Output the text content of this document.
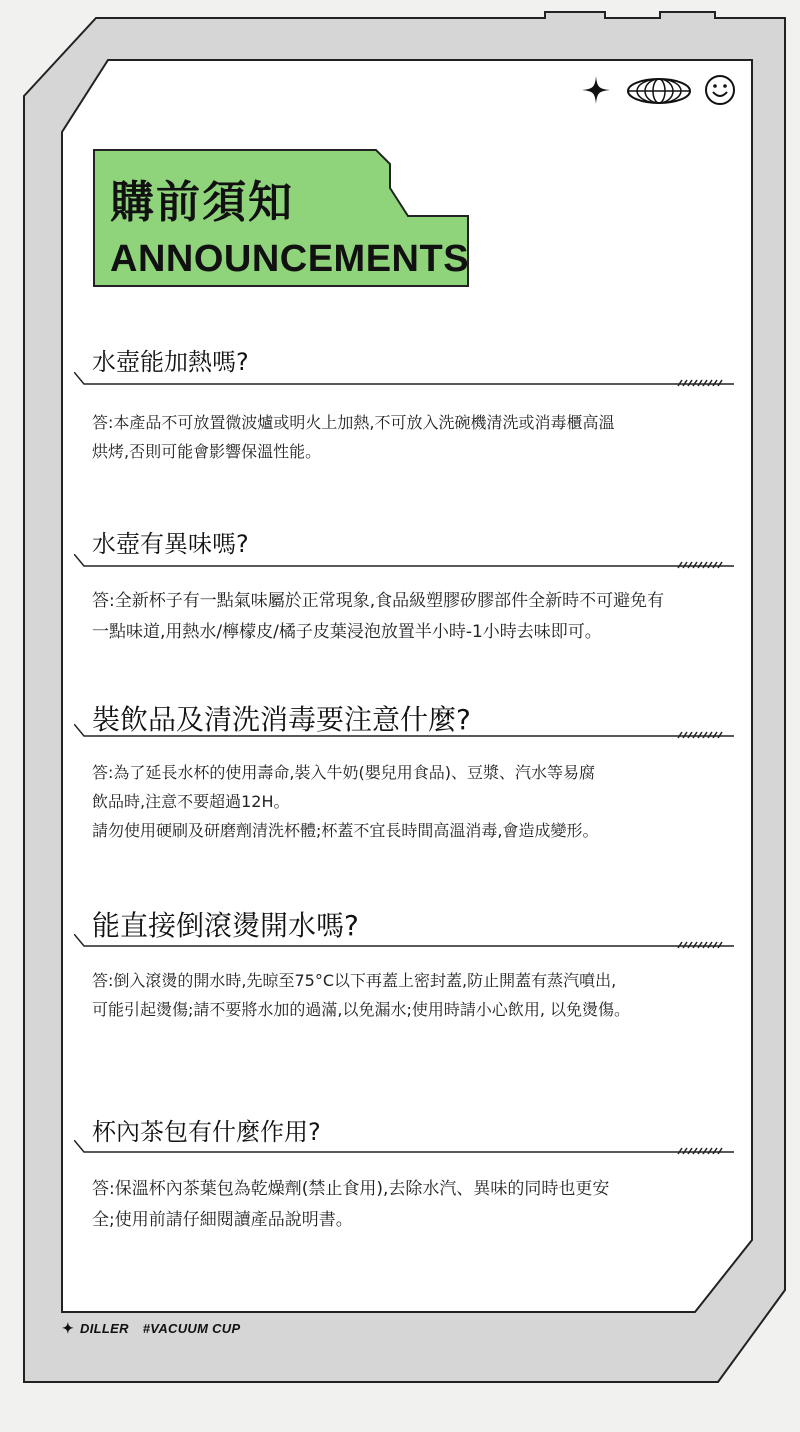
購前須知
ANNOUNCEMENTS
水壺能加熱嗎?

答:本產品不可放置微波爐或明火上加熱,不可放入洗碗機清洗或消毒櫃高溫

烘烤,否則可能會影響保溫性能。

水壺有異味嗎?

答:全新杯子有一點氣味屬於正常現象,食品級塑膠矽膠部件全新時不可避免有

一點味道,用熱水/檸檬皮/橘子皮葉浸泡放置半小時-1小時去味即可。

裝飲品及清洗消毒要注意什麼?

答:為了延長水杯的使用壽命,裝入牛奶(嬰兒用食品)、豆漿、汽水等易腐

飲品時,注意不要超過12H。

請勿使用硬刷及研磨劑清洗杯體;杯蓋不宜長時間高溫消毒,會造成變形。

能直接倒滾燙開水嗎?

答:倒入滾燙的開水時,先晾至75°C以下再蓋上密封蓋,防止開蓋有蒸汽噴出,

可能引起燙傷;請不要將水加的過滿,以免漏水;使用時請小心飲用, 以免燙傷。

杯內茶包有什麼作用?

答:保溫杯內茶葉包為乾燥劑(禁止食用),去除水汽、異味的同時也更安

全;使用前請仔細閱讀產品說明書。

✦ DILLER #VACUUM CUP
